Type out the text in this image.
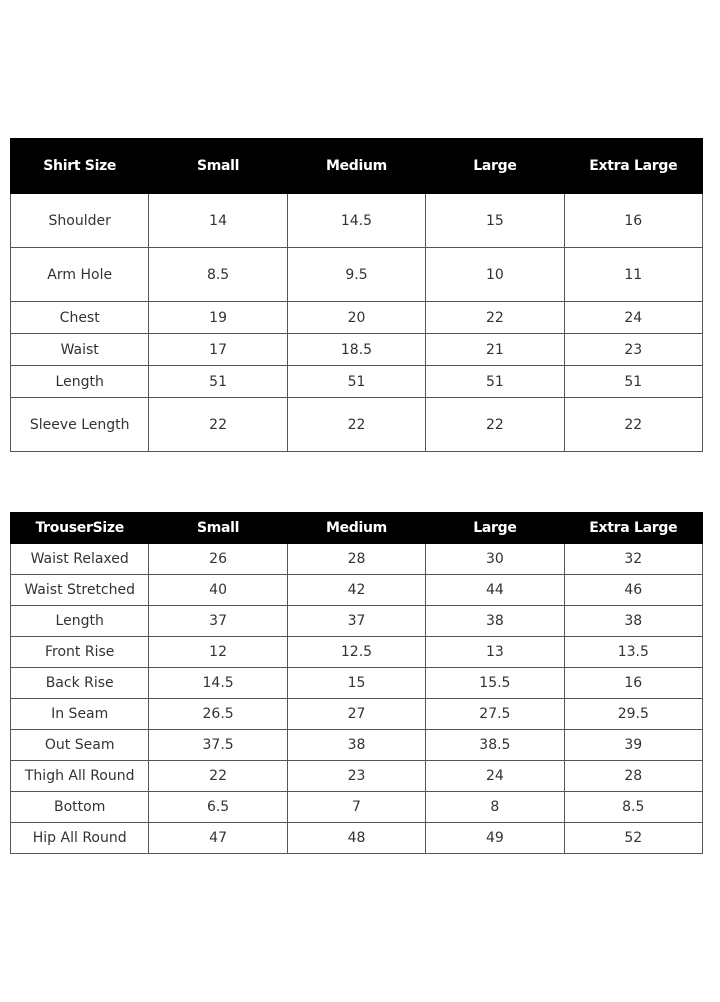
Shirt Size	Small	Medium	Large	Extra Large
Shoulder	14	14.5	15	16
Arm Hole	8.5	9.5	10	11
Chest	19	20	22	24
Waist	17	18.5	21	23
Length	51	51	51	51
Sleeve Length	22	22	22	22
TrouserSize	Small	Medium	Large	Extra Large
Waist Relaxed	26	28	30	32
Waist Stretched	40	42	44	46
Length	37	37	38	38
Front Rise	12	12.5	13	13.5
Back Rise	14.5	15	15.5	16
In Seam	26.5	27	27.5	29.5
Out Seam	37.5	38	38.5	39
Thigh All Round	22	23	24	28
Bottom	6.5	7	8	8.5
Hip All Round	47	48	49	52
